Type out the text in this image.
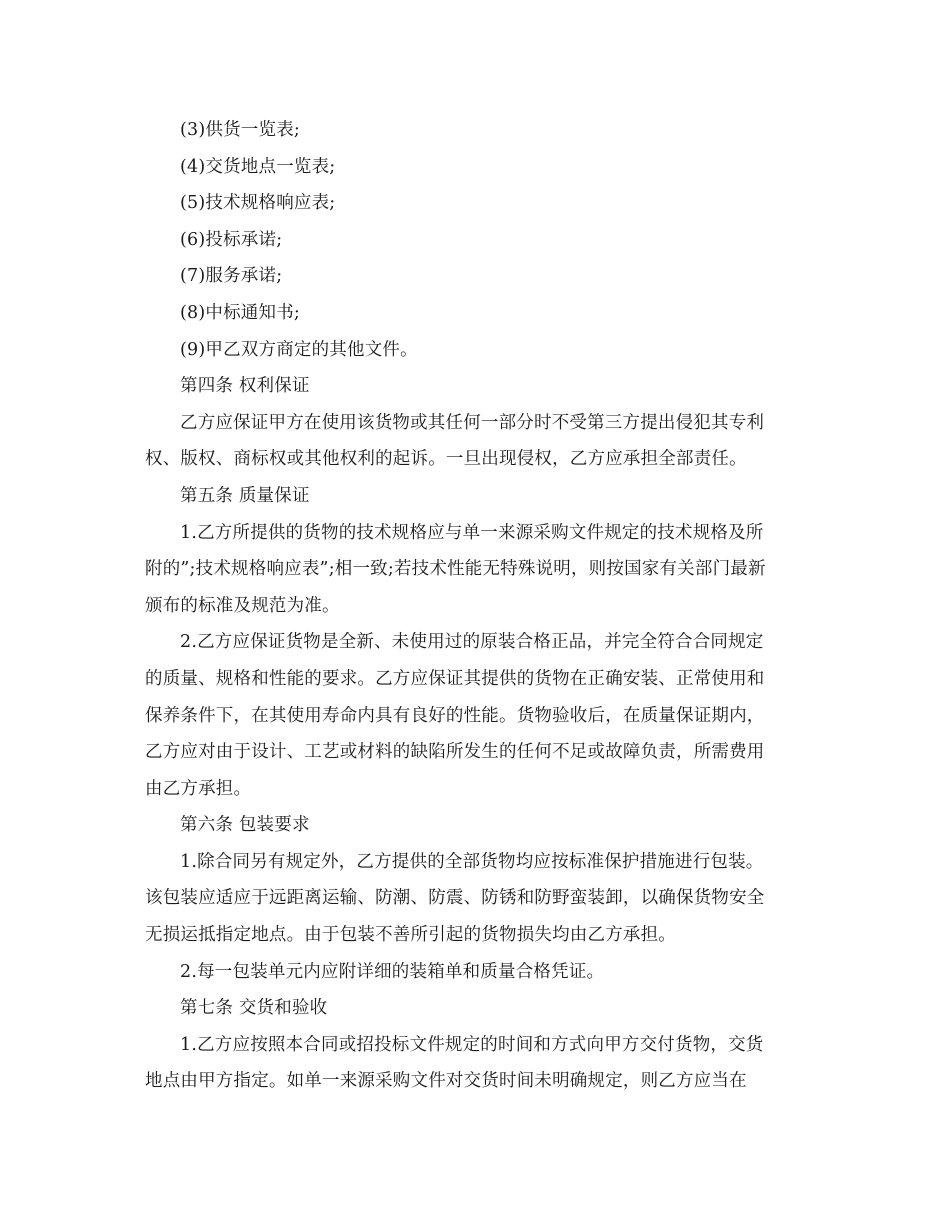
(3)供货一览表;
(4)交货地点一览表;
(5)技术规格响应表;
(6)投标承诺;
(7)服务承诺;
(8)中标通知书;
(9)甲乙双方商定的其他文件。
第四条 权利保证
乙方应保证甲方在使用该货物或其任何一部分时不受第三方提出侵犯其专利
权、版权、商标权或其他权利的起诉。一旦出现侵权，乙方应承担全部责任。
第五条 质量保证
1.乙方所提供的货物的技术规格应与单一来源采购文件规定的技术规格及所
附的”;技术规格响应表”;相一致;若技术性能无特殊说明，则按国家有关部门最新
颁布的标准及规范为准。
2.乙方应保证货物是全新、未使用过的原装合格正品，并完全符合合同规定
的质量、规格和性能的要求。乙方应保证其提供的货物在正确安装、正常使用和
保养条件下，在其使用寿命内具有良好的性能。货物验收后，在质量保证期内，
乙方应对由于设计、工艺或材料的缺陷所发生的任何不足或故障负责，所需费用
由乙方承担。
第六条 包装要求
1.除合同另有规定外，乙方提供的全部货物均应按标准保护措施进行包装。
该包装应适应于远距离运输、防潮、防震、防锈和防野蛮装卸，以确保货物安全
无损运抵指定地点。由于包装不善所引起的货物损失均由乙方承担。
2.每一包装单元内应附详细的装箱单和质量合格凭证。
第七条 交货和验收
1.乙方应按照本合同或招投标文件规定的时间和方式向甲方交付货物，交货
地点由甲方指定。如单一来源采购文件对交货时间未明确规定，则乙方应当在
